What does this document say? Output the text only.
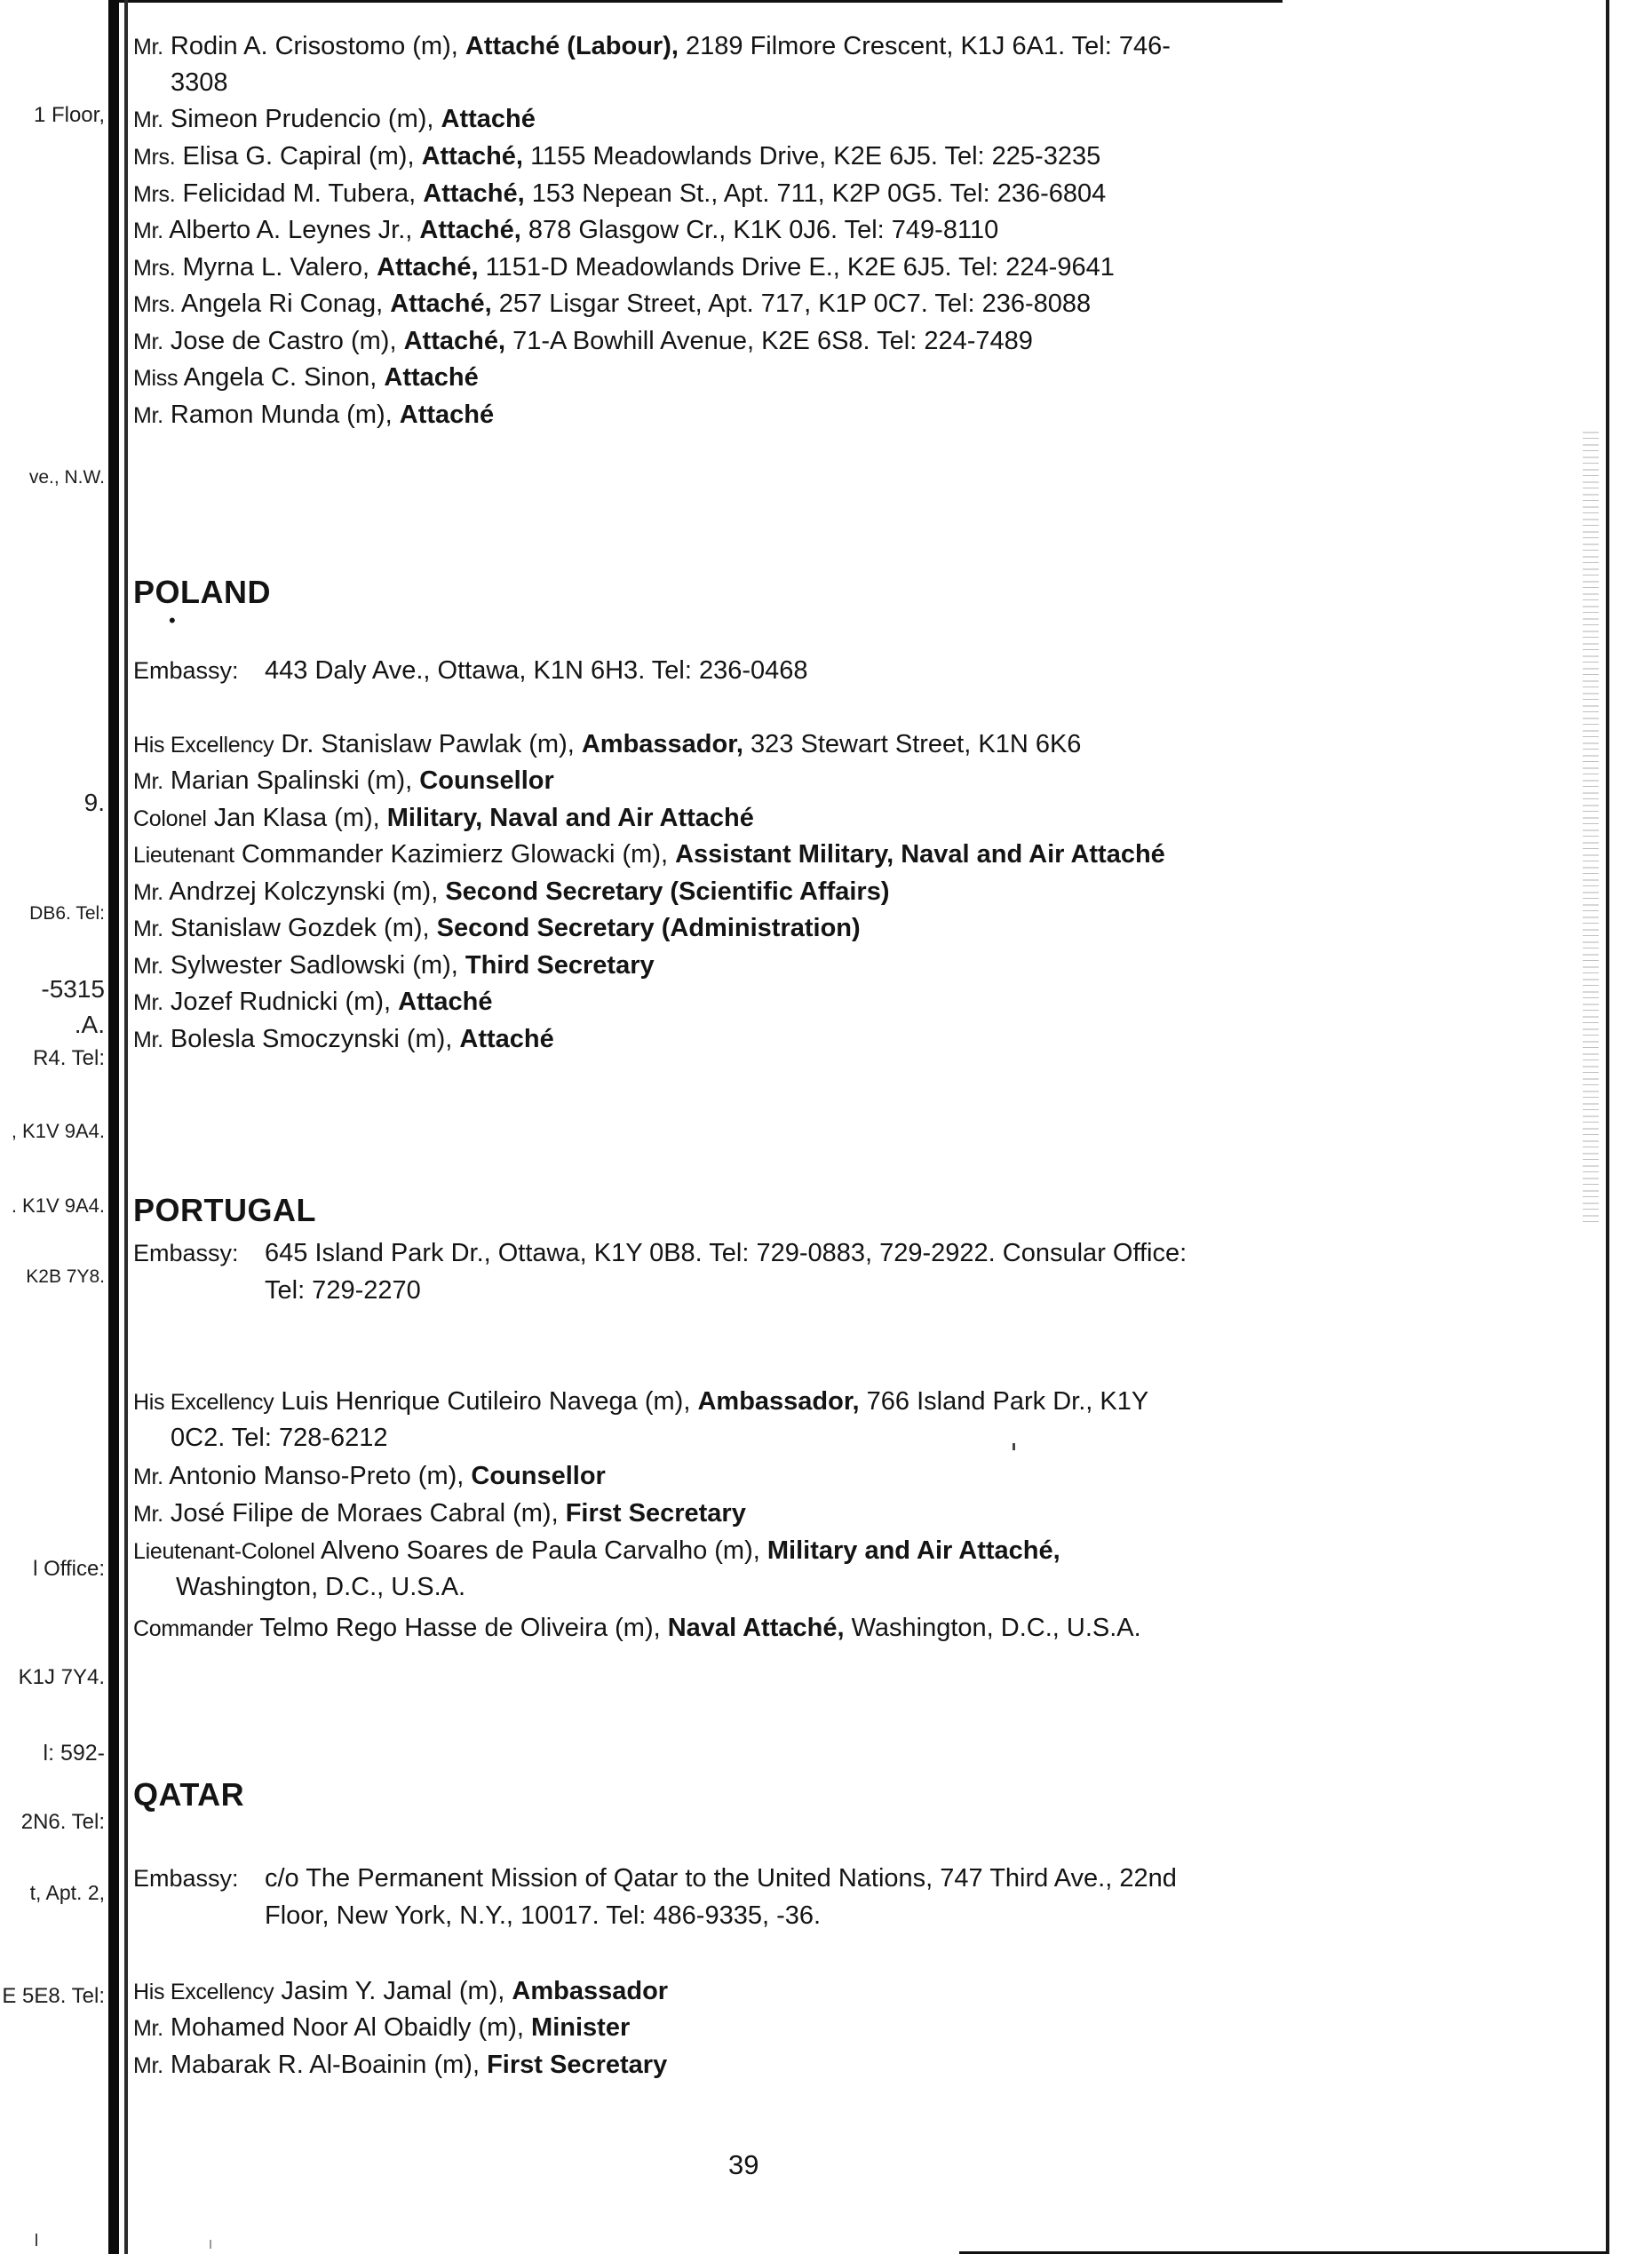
1 Floor,
ve., N.W.
9.
DB6. Tel:
-5315
.A.
R4. Tel:
, K1V 9A4.
. K1V 9A4.
K2B 7Y8.
l Office:
K1J 7Y4.
l: 592-
2N6. Tel:
t, Apt. 2,
E 5E8. Tel:
Mr. Rodin A. Crisostomo (m), Attaché (Labour), 2189 Filmore Crescent, K1J 6A1. Tel: 746-
3308
Mr. Simeon Prudencio (m), Attaché
Mrs. Elisa G. Capiral (m), Attaché, 1155 Meadowlands Drive, K2E 6J5. Tel: 225-3235
Mrs. Felicidad M. Tubera, Attaché, 153 Nepean St., Apt. 711, K2P 0G5. Tel: 236-6804
Mr. Alberto A. Leynes Jr., Attaché, 878 Glasgow Cr., K1K 0J6. Tel: 749-8110
Mrs. Myrna L. Valero, Attaché, 1151-D Meadowlands Drive E., K2E 6J5. Tel: 224-9641
Mrs. Angela Ri Conag, Attaché, 257 Lisgar Street, Apt. 717, K1P 0C7. Tel: 236-8088
Mr. Jose de Castro (m), Attaché, 71-A Bowhill Avenue, K2E 6S8. Tel: 224-7489
Miss Angela C. Sinon, Attaché
Mr. Ramon Munda (m), Attaché
POLAND
•
Embassy: 443 Daly Ave., Ottawa, K1N 6H3. Tel: 236-0468
His Excellency Dr. Stanislaw Pawlak (m), Ambassador, 323 Stewart Street, K1N 6K6
Mr. Marian Spalinski (m), Counsellor
Colonel Jan Klasa (m), Military, Naval and Air Attaché
Lieutenant Commander Kazimierz Glowacki (m), Assistant Military, Naval and Air Attaché
Mr. Andrzej Kolczynski (m), Second Secretary (Scientific Affairs)
Mr. Stanislaw Gozdek (m), Second Secretary (Administration)
Mr. Sylwester Sadlowski (m), Third Secretary
Mr. Jozef Rudnicki (m), Attaché
Mr. Bolesla Smoczynski (m), Attaché
PORTUGAL
Embassy: 645 Island Park Dr., Ottawa, K1Y 0B8. Tel: 729-0883, 729-2922. Consular Office:
Tel: 729-2270
His Excellency Luis Henrique Cutileiro Navega (m), Ambassador, 766 Island Park Dr., K1Y
0C2. Tel: 728-6212
Mr. Antonio Manso-Preto (m), Counsellor
Mr. José Filipe de Moraes Cabral (m), First Secretary
Lieutenant-Colonel Alveno Soares de Paula Carvalho (m), Military and Air Attaché,
Washington, D.C., U.S.A.
Commander Telmo Rego Hasse de Oliveira (m), Naval Attaché, Washington, D.C., U.S.A.
QATAR
Embassy: c/o The Permanent Mission of Qatar to the United Nations, 747 Third Ave., 22nd
Floor, New York, N.Y., 10017. Tel: 486-9335, -36.
His Excellency Jasim Y. Jamal (m), Ambassador
Mr. Mohamed Noor Al Obaidly (m), Minister
Mr. Mabarak R. Al-Boainin (m), First Secretary
39
